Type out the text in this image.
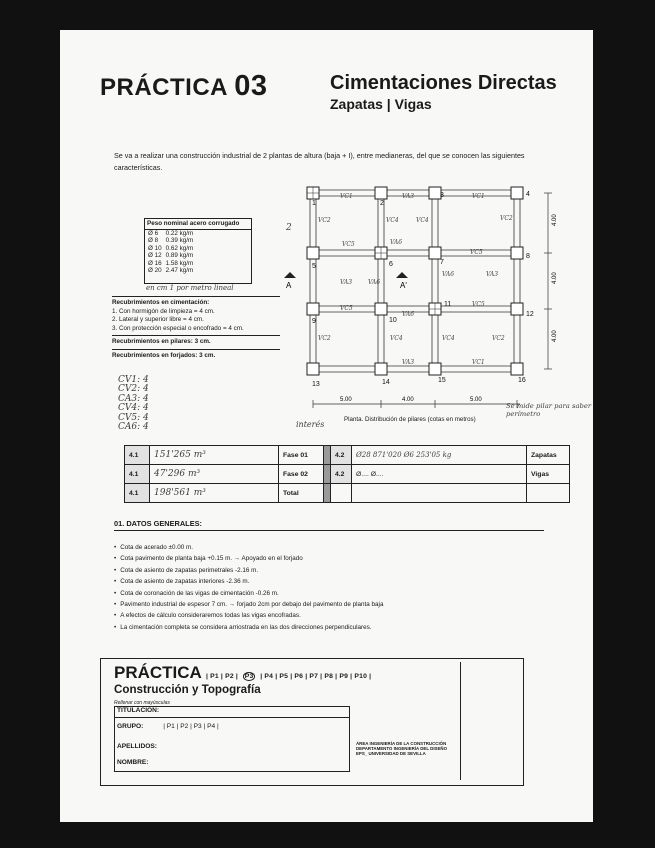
PRÁCTICA 03	Cimentaciones Directas
Zapatas | Vigas
Se va a realizar una construcción industrial de 2 plantas de altura (baja + I), entre medianeras, del que se conocen las siguientes características.
Peso nominal acero corrugado
Ø 6	0.22 kg/m
Ø 8	0.39 kg/m
Ø 10	0.62 kg/m
Ø 12	0.89 kg/m
Ø 16	1.58 kg/m
Ø 20	2.47 kg/m
en cm 1 por metro lineal
Recubrimientos en cimentación:
1. Con hormigón de limpieza = 4 cm.
2. Lateral y superior libre = 4 cm.
3. Con protección especial o encofrado = 4 cm.
Recubrimientos en pilares: 3 cm.
Recubrimientos en forjados: 3 cm.
CV1: 4
CV2: 4
CA3: 4
CV4: 4
CV5: 4
CA6: 4
1	2
3	4
5	6	7
8
9	10
11
12
13	14	15	16
VC1	VA3	VC1
VC4
VC4
VC5	VA6
VC5
VA6
VA3	VA6
VA3
VC5
VA6
VC5
VC4	VC4
VA3	VC1
VC2	VC2
VC2	VC2
A	A'
2
5.00	4.00	5.00
4.00
4.00
4.00
Planta. Distribución de pilares (cotas en metros)
interés
Se mide pilar para saber perímetro
4.1	151'265 m³	Fase 01		4.2	Ø28 871'020 Ø6 253'05 kg	Zapatas
4.1	47'296 m³	Fase 02		4.2	Ø.... Ø....	Vigas
4.1	198'561 m³	Total				
01. DATOS GENERALES:
• Cota de acerado ±0.00 m.
• Cota pavimento de planta baja +0.15 m. → Apoyado en el forjado
• Cota de asiento de zapatas perimetrales -2.16 m.
• Cota de asiento de zapatas interiores -2.36 m.
• Cota de coronación de las vigas de cimentación -0.26 m.
• Pavimento industrial de espesor 7 cm. → forjado 2cm por debajo del pavimento de planta baja
• A efectos de cálculo consideraremos todas las vigas encofradas.
• La cimentación completa se considera arriostrada en las dos direcciones perpendiculares.
PRÁCTICA | P1 | P2 | P3 | P4 | P5 | P6 | P7 | P8 | P9 | P10 |
Construcción y Topografía
Rellenar con mayúsculas
TITULACIÓN:
GRUPO:	| P1 | P2 | P3 | P4 |
APELLIDOS:
NOMBRE:
ÁREA INGENIERÍA DE LA CONSTRUCCIÓN
DEPARTAMENTO INGENIERÍA DEL DISEÑO
EPS_ UNIVERSIDAD DE SEVILLA
